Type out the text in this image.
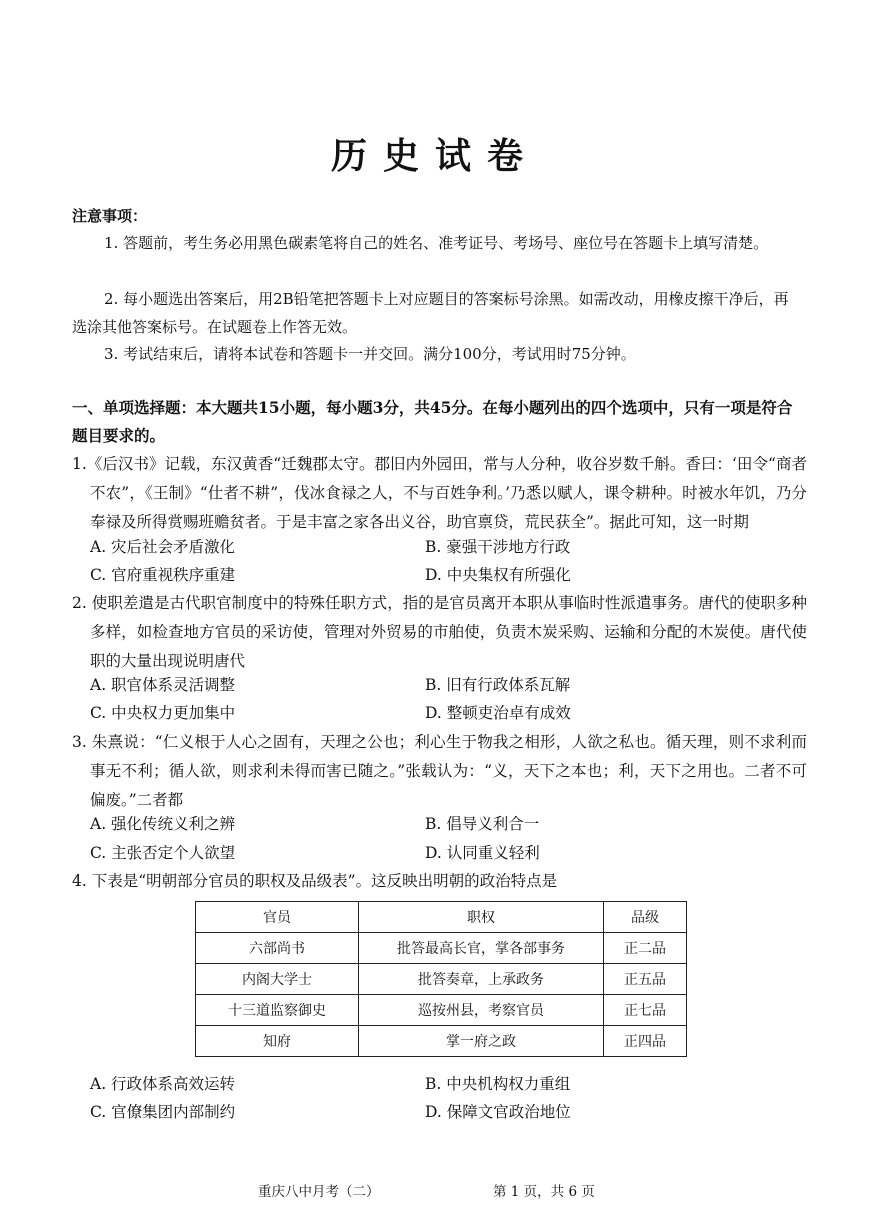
历史试卷
注意事项：
1. 答题前，考生务必用黑色碳素笔将自己的姓名、准考证号、考场号、座位号在答题卡上填写清楚。
2. 每小题选出答案后，用2B铅笔把答题卡上对应题目的答案标号涂黑。如需改动，用橡皮擦干净后，再选涂其他答案标号。在试题卷上作答无效。
3. 考试结束后，请将本试卷和答题卡一并交回。满分100分，考试用时75分钟。
一、单项选择题：本大题共15小题，每小题3分，共45分。在每小题列出的四个选项中，只有一项是符合题目要求的。
1.《后汉书》记载，东汉黄香“迁魏郡太守。郡旧内外园田，常与人分种，收谷岁数千斛。香曰：‘田令“商者不农”，《王制》“仕者不耕”，伐冰食禄之人，不与百姓争利。’乃悉以赋人，课令耕种。时被水年饥，乃分奉禄及所得赏赐班赡贫者。于是丰富之家各出义谷，助官禀贷，荒民获全”。据此可知，这一时期
A. 灾后社会矛盾激化	B. 豪强干涉地方行政
C. 官府重视秩序重建	D. 中央集权有所强化
2. 使职差遣是古代职官制度中的特殊任职方式，指的是官员离开本职从事临时性派遣事务。唐代的使职多种多样，如检查地方官员的采访使，管理对外贸易的市舶使，负责木炭采购、运输和分配的木炭使。唐代使职的大量出现说明唐代
A. 职官体系灵活调整	B. 旧有行政体系瓦解
C. 中央权力更加集中	D. 整顿吏治卓有成效
3. 朱熹说：“仁义根于人心之固有，天理之公也；利心生于物我之相形，人欲之私也。循天理，则不求利而事无不利；循人欲，则求利未得而害已随之。”张载认为：“义，天下之本也；利，天下之用也。二者不可偏废。”二者都
A. 强化传统义利之辨	B. 倡导义利合一
C. 主张否定个人欲望	D. 认同重义轻利
4. 下表是“明朝部分官员的职权及品级表”。这反映出明朝的政治特点是
官员	职权	品级
六部尚书	批答最高长官，掌各部事务	正二品
内阁大学士	批答奏章，上承政务	正五品
十三道监察御史	巡按州县，考察官员	正七品
知府	掌一府之政	正四品
A. 行政体系高效运转	B. 中央机构权力重组
C. 官僚集团内部制约	D. 保障文官政治地位
重庆八中月考（二）	第 1 页，共 6 页
